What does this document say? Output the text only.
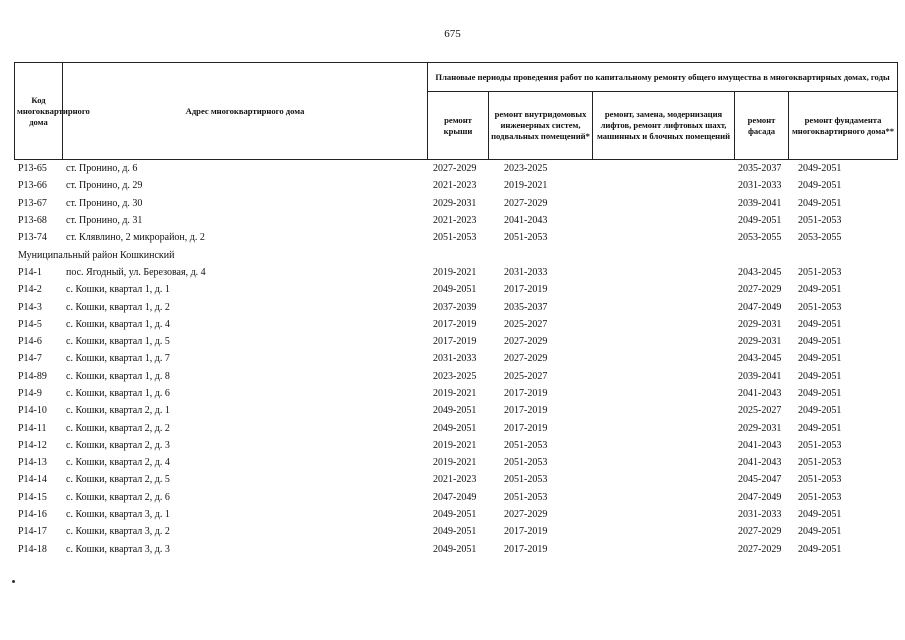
675
Код многоквартирного дома	Адрес многоквартирного дома	Плановые периоды проведения работ по капитальному ремонту общего имущества в многоквартирных домах, годы				
		ремонт крыши	ремонт внутридомовых инженерных систем, подвальных помещений*	ремонт, замена, модернизация лифтов, ремонт лифтовых шахт, машинных и блочных помещений	ремонт фасада	ремонт фундамента многоквартирного дома**
P13-65	ст. Пронино, д. 6	2027-2029	2023-2025		2035-2037	2049-2051
P13-66	ст. Пронино, д. 29	2021-2023	2019-2021		2031-2033	2049-2051
P13-67	ст. Пронино, д. 30	2029-2031	2027-2029		2039-2041	2049-2051
P13-68	ст. Пронино, д. 31	2021-2023	2041-2043		2049-2051	2051-2053
P13-74	ст. Клявлино, 2 микрорайон, д. 2	2051-2053	2051-2053		2053-2055	2053-2055
Муниципальный район Кошкинский						
P14-1	пос. Ягодный, ул. Березовая, д. 4	2019-2021	2031-2033		2043-2045	2051-2053
P14-2	с. Кошки, квартал 1, д. 1	2049-2051	2017-2019		2027-2029	2049-2051
P14-3	с. Кошки, квартал 1, д. 2	2037-2039	2035-2037		2047-2049	2051-2053
P14-5	с. Кошки, квартал 1, д. 4	2017-2019	2025-2027		2029-2031	2049-2051
P14-6	с. Кошки, квартал 1, д. 5	2017-2019	2027-2029		2029-2031	2049-2051
P14-7	с. Кошки, квартал 1, д. 7	2031-2033	2027-2029		2043-2045	2049-2051
P14-89	с. Кошки, квартал 1, д. 8	2023-2025	2025-2027		2039-2041	2049-2051
P14-9	с. Кошки, квартал 1, д. 6	2019-2021	2017-2019		2041-2043	2049-2051
P14-10	с. Кошки, квартал 2, д. 1	2049-2051	2017-2019		2025-2027	2049-2051
P14-11	с. Кошки, квартал 2, д. 2	2049-2051	2017-2019		2029-2031	2049-2051
P14-12	с. Кошки, квартал 2, д. 3	2019-2021	2051-2053		2041-2043	2051-2053
P14-13	с. Кошки, квартал 2, д. 4	2019-2021	2051-2053		2041-2043	2051-2053
P14-14	с. Кошки, квартал 2, д. 5	2021-2023	2051-2053		2045-2047	2051-2053
P14-15	с. Кошки, квартал 2, д. 6	2047-2049	2051-2053		2047-2049	2051-2053
P14-16	с. Кошки, квартал 3, д. 1	2049-2051	2027-2029		2031-2033	2049-2051
P14-17	с. Кошки, квартал 3, д. 2	2049-2051	2017-2019		2027-2029	2049-2051
P14-18	с. Кошки, квартал 3, д. 3	2049-2051	2017-2019		2027-2029	2049-2051
